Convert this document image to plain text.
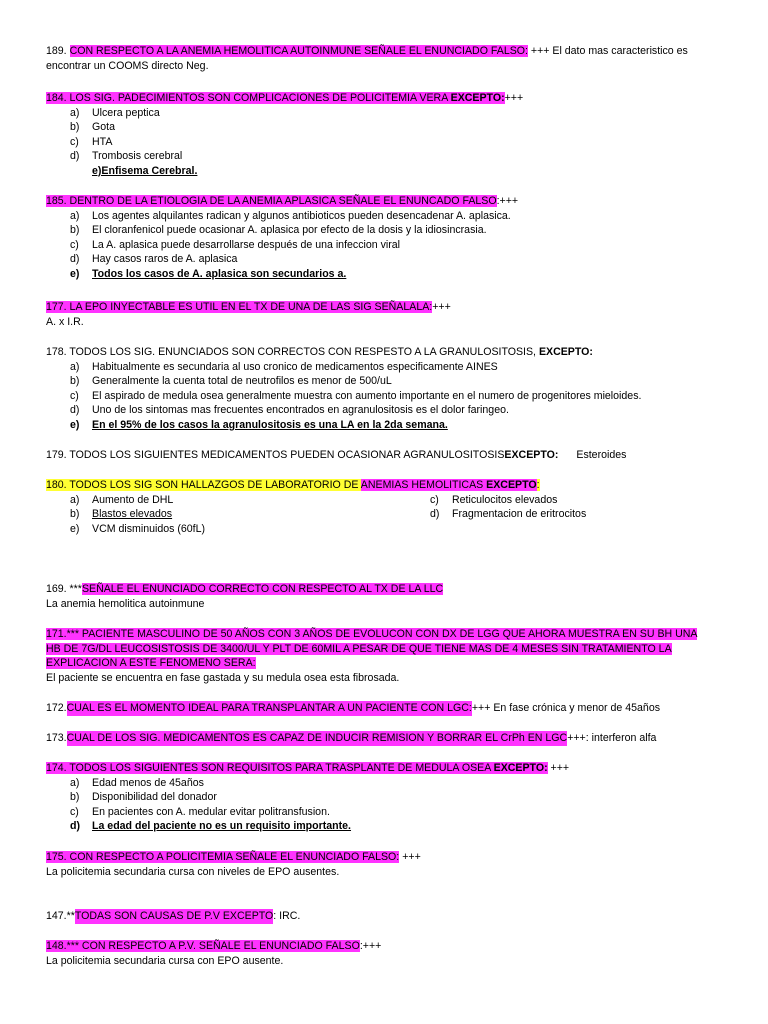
189. CON RESPECTO A LA ANEMIA HEMOLITICA AUTOINMUNE SEÑALE EL ENUNCIADO FALSO: +++ El dato mas caracteristico es
encontrar un COOMS directo Neg.
184. LOS SIG. PADECIMIENTOS SON COMPLICACIONES DE POLICITEMIA VERA EXCEPTO:+++
a)	Ulcera peptica
b)	Gota
c)	HTA
d)	Trombosis cerebral
e)Enfisema Cerebral.
185. DENTRO DE LA ETIOLOGIA DE LA ANEMIA APLASICA SEÑALE EL ENUNCADO FALSO:+++
a)	Los agentes alquilantes radican y algunos antibioticos pueden desencadenar A. aplasica.
b)	El cloranfenicol puede ocasionar A. aplasica por efecto de la dosis y la idiosincrasia.
c)	La A. aplasica puede desarrollarse después de una infeccion viral
d)	Hay casos raros de A. aplasica
e)	Todos los casos de A. aplasica son secundarios a.
177. LA EPO INYECTABLE ES UTIL EN EL TX DE UNA DE LAS SIG SEÑALALA:+++
A. x I.R.
178. TODOS LOS SIG. ENUNCIADOS SON CORRECTOS CON RESPESTO A LA GRANULOSITOSIS, EXCEPTO:
a)	Habitualmente es secundaria al uso cronico de medicamentos especificamente AINES
b)	Generalmente la cuenta total de neutrofilos es menor de 500/uL
c)	El aspirado de medula osea generalmente muestra con aumento importante en el numero de progenitores mieloides.
d)	Uno de los sintomas mas frecuentes encontrados en agranulositosis es el dolor faringeo.
e)	En el 95% de los casos la agranulositosis es una LA en la 2da semana.
179. TODOS LOS SIGUIENTES MEDICAMENTOS PUEDEN OCASIONAR AGRANULOSITOSIS EXCEPTO: Esteroides
180. TODOS LOS SIG SON HALLAZGOS DE LABORATORIO DE ANEMIAS HEMOLITICAS EXCEPTO:
a)	Aumento de DHL
b)	Blastos elevados
e)	VCM disminuidos (60fL)
c)	Reticulocitos elevados
d)	Fragmentacion de eritrocitos
169. ***SEÑALE EL ENUNCIADO CORRECTO CON RESPECTO AL TX DE LA LLC
La anemia hemolitica autoinmune
171.*** PACIENTE MASCULINO DE 50 AÑOS CON 3 AÑOS DE EVOLUCON CON DX DE LGG QUE AHORA MUESTRA EN SU BH UNA
HB DE 7G/DL LEUCOSISTOSIS DE 3400/UL Y PLT DE 60MIL A PESAR DE QUE TIENE MAS DE 4 MESES SIN TRATAMIENTO LA
EXPLICACION A ESTE FENOMENO SERA:
El paciente se encuentra en fase gastada y su medula osea esta fibrosada.
172. CUAL ES EL MOMENTO IDEAL PARA TRANSPLANTAR A UN PACIENTE CON LGC: +++ En fase crónica y menor de 45años
173. CUAL DE LOS SIG. MEDICAMENTOS ES CAPAZ DE INDUCIR REMISION Y BORRAR EL CrPh EN LGC +++: interferon alfa
174. TODOS LOS SIGUIENTES SON REQUISITOS PARA TRASPLANTE DE MEDULA OSEA EXCEPTO: +++
a)	Edad menos de 45años
b)	Disponibilidad del donador
c)	En pacientes con A. medular evitar politransfusion.
d)	La edad del paciente no es un requisito importante.
175. CON RESPECTO A POLICITEMIA SEÑALE EL ENUNCIADO FALSO: +++
La policitemia secundaria cursa con niveles de EPO ausentes.
147.** TODAS SON CAUSAS DE P.V EXCEPTO : IRC.
148.*** CON RESPECTO A P.V. SEÑALE EL ENUNCIADO FALSO:+++
La policitemia secundaria cursa con EPO ausente.
